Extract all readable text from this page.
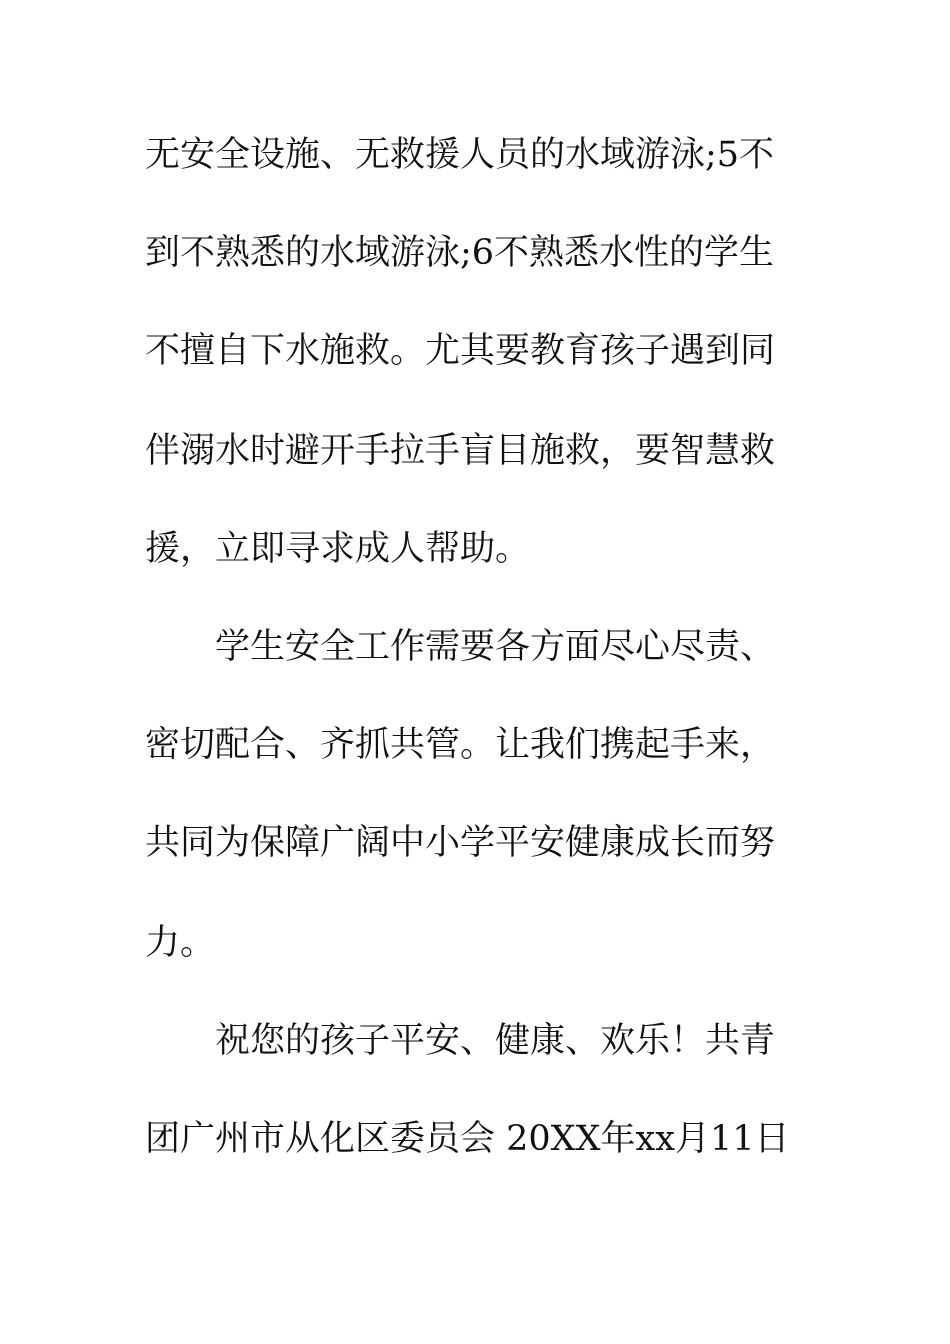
无安全设施、无救援人员的水域游泳;5不
到不熟悉的水域游泳;6不熟悉水性的学生
不擅自下水施救。尤其要教育孩子遇到同
伴溺水时避开手拉手盲目施救，要智慧救
援，立即寻求成人帮助。
学生安全工作需要各方面尽心尽责、
密切配合、齐抓共管。让我们携起手来，
共同为保障广阔中小学平安健康成长而努
力。
祝您的孩子平安、健康、欢乐！共青
团广州市从化区委员会 20XX年xx月11日
